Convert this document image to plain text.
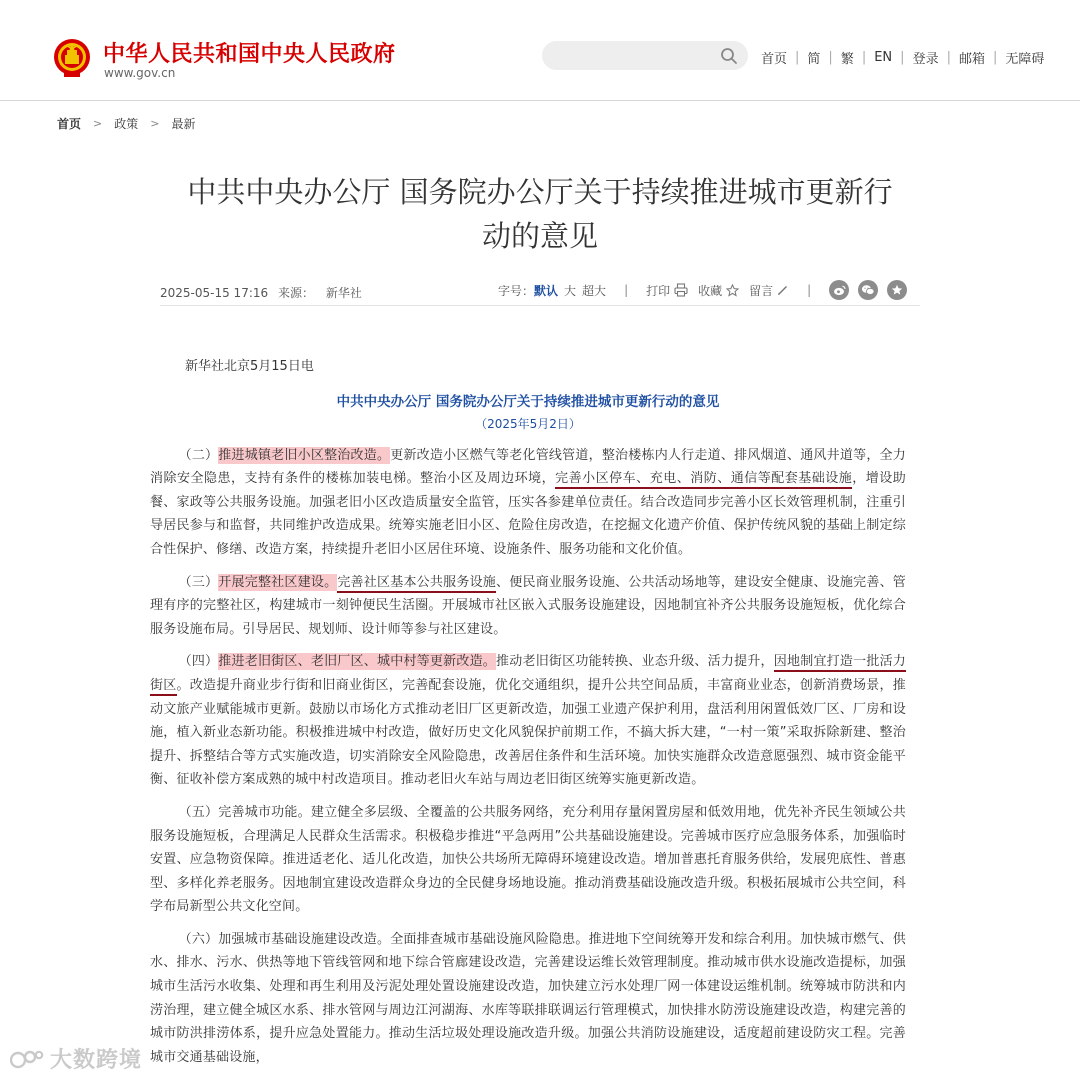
中华人民共和国中央人民政府
www.gov.cn
首页 | 简 | 繁 | EN | 登录 | 邮箱 | 无障碍
首页 > 政策 > 最新
中共中央办公厅 国务院办公厅关于持续推进城市更新行
动的意见
2025-05-15 17:16 来源： 新华社	字号： 默认 大 超大 | 打印 收藏 留言	|

新华社北京5月15日电

中共中央办公厅 国务院办公厅关于持续推进城市更新行动的意见

（2025年5月2日）

（二）推进城镇老旧小区整治改造。更新改造小区燃气等老化管线管道，整治楼栋内人行走道、排风烟道、通风井道等，全力消除安全隐患，支持有条件的楼栋加装电梯。整治小区及周边环境，完善小区停车、充电、消防、通信等配套基础设施，增设助餐、家政等公共服务设施。加强老旧小区改造质量安全监管，压实各参建单位责任。结合改造同步完善小区长效管理机制，注重引导居民参与和监督，共同维护改造成果。统筹实施老旧小区、危险住房改造，在挖掘文化遗产价值、保护传统风貌的基础上制定综合性保护、修缮、改造方案，持续提升老旧小区居住环境、设施条件、服务功能和文化价值。

（三）开展完整社区建设。完善社区基本公共服务设施、便民商业服务设施、公共活动场地等，建设安全健康、设施完善、管理有序的完整社区，构建城市一刻钟便民生活圈。开展城市社区嵌入式服务设施建设，因地制宜补齐公共服务设施短板，优化综合服务设施布局。引导居民、规划师、设计师等参与社区建设。

（四）推进老旧街区、老旧厂区、城中村等更新改造。推动老旧街区功能转换、业态升级、活力提升，因地制宜打造一批活力街区。改造提升商业步行街和旧商业街区，完善配套设施，优化交通组织，提升公共空间品质，丰富商业业态，创新消费场景，推动文旅产业赋能城市更新。鼓励以市场化方式推动老旧厂区更新改造，加强工业遗产保护利用，盘活利用闲置低效厂区、厂房和设施，植入新业态新功能。积极推进城中村改造，做好历史文化风貌保护前期工作，不搞大拆大建，“一村一策”采取拆除新建、整治提升、拆整结合等方式实施改造，切实消除安全风险隐患，改善居住条件和生活环境。加快实施群众改造意愿强烈、城市资金能平衡、征收补偿方案成熟的城中村改造项目。推动老旧火车站与周边老旧街区统筹实施更新改造。

（五）完善城市功能。建立健全多层级、全覆盖的公共服务网络，充分利用存量闲置房屋和低效用地，优先补齐民生领域公共服务设施短板，合理满足人民群众生活需求。积极稳步推进“平急两用”公共基础设施建设。完善城市医疗应急服务体系，加强临时安置、应急物资保障。推进适老化、适儿化改造，加快公共场所无障碍环境建设改造。增加普惠托育服务供给，发展兜底性、普惠型、多样化养老服务。因地制宜建设改造群众身边的全民健身场地设施。推动消费基础设施改造升级。积极拓展城市公共空间，科学布局新型公共文化空间。

（六）加强城市基础设施建设改造。全面排查城市基础设施风险隐患。推进地下空间统筹开发和综合利用。加快城市燃气、供水、排水、污水、供热等地下管线管网和地下综合管廊建设改造，完善建设运维长效管理制度。推动城市供水设施改造提标，加强城市生活污水收集、处理和再生利用及污泥处理处置设施建设改造，加快建立污水处理厂网一体建设运维机制。统筹城市防洪和内涝治理，建立健全城区水系、排水管网与周边江河湖海、水库等联排联调运行管理模式，加快排水防涝设施建设改造，构建完善的城市防洪排涝体系，提升应急处置能力。推动生活垃圾处理设施改造升级。加强公共消防设施建设，适度超前建设防灾工程。完善城市交通基础设施，

大数跨境
